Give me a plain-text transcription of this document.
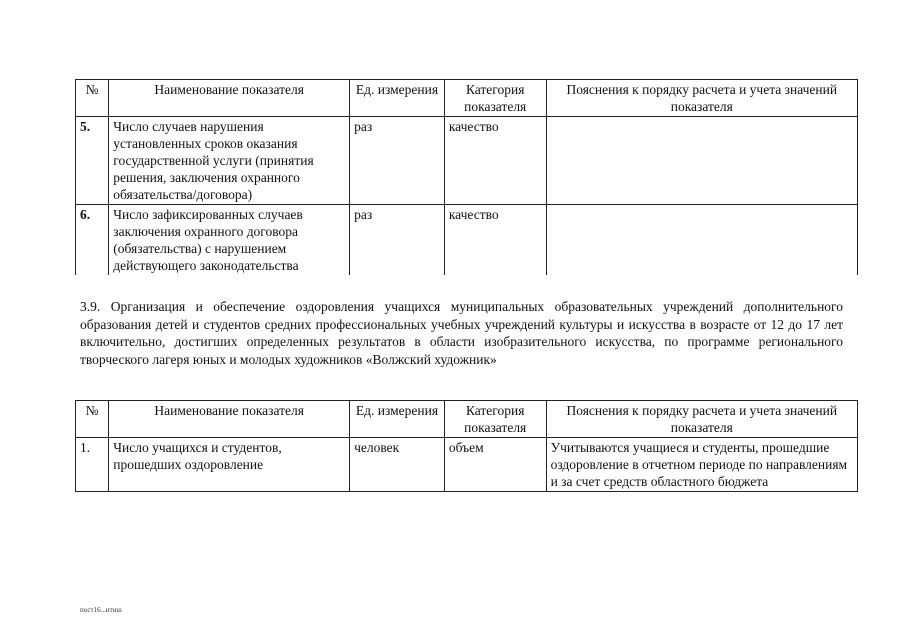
№	Наименование показателя	Ед. измерения	Категория показателя	Пояснения к порядку расчета и учета значений показателя
5.	Число случаев нарушения установленных сроков оказания государственной услуги (принятия решения, заключения охранного обязательства/договора)	раз	качество	
6.	Число зафиксированных случаев заключения охранного договора (обязательства) с нарушением действующего законодательства	раз	качество	
3.9. Организация и обеспечение оздоровления учащихся муниципальных образовательных учреждений дополнительного образования детей и студентов средних профессиональных учебных учреждений культуры и искусства в возрасте от 12 до 17 лет включительно, достигших определенных результатов в области изобразительного искусства, по программе регионального творческого лагеря юных и молодых художников «Волжский художник»
№	Наименование показателя	Ед. измерения	Категория показателя	Пояснения к порядку расчета и учета значений показателя
1.	Число учащихся и студентов, прошедших оздоровление	человек	объем	Учитываются учащиеся и студенты, прошедшие оздоровление в отчетном периоде по направлениям и за счет средств областного бюджета
пост16...итиш
